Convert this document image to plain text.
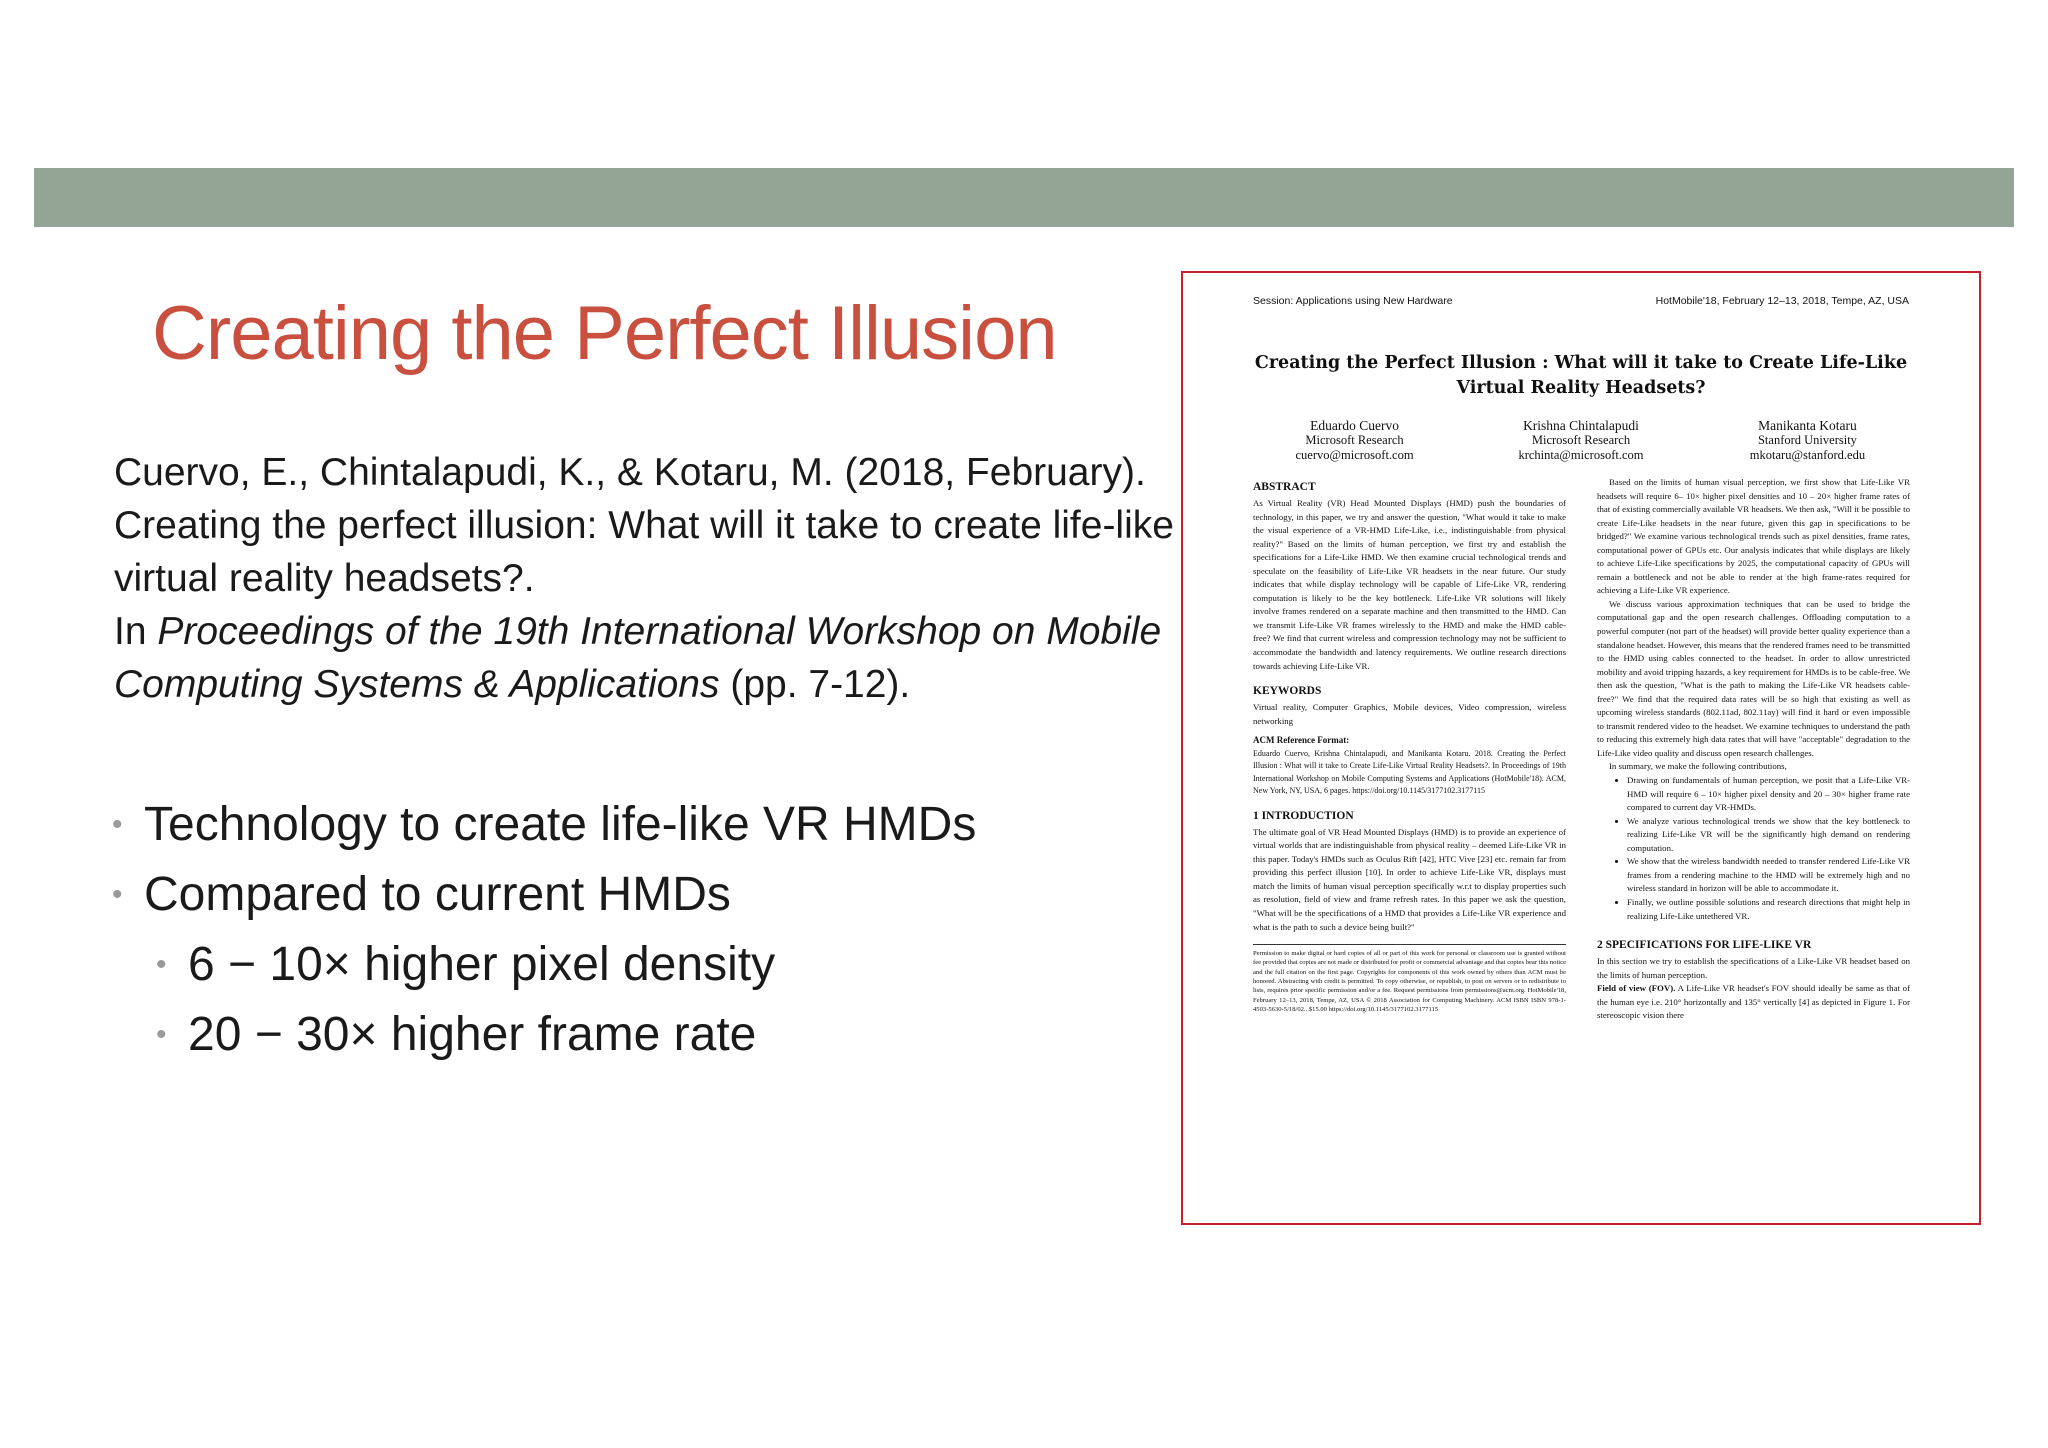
Creating the Perfect Illusion

Cuervo, E., Chintalapudi, K., & Kotaru, M. (2018, February). Creating the perfect illusion: What will it take to create life-like virtual reality headsets?.
In Proceedings of the 19th International Workshop on Mobile Computing Systems & Applications (pp. 7-12).

• Technology to create life-like VR HMDs
• Compared to current HMDs
• 6 − 10× higher pixel density
• 20 − 30× higher frame rate
Session: Applications using New Hardware	HotMobile'18, February 12–13, 2018, Tempe, AZ, USA
Creating the Perfect Illusion : What will it take to Create Life-Like Virtual Reality Headsets?
Eduardo Cuervo
Microsoft Research
cuervo@microsoft.com
Krishna Chintalapudi
Microsoft Research
krchinta@microsoft.com
Manikanta Kotaru
Stanford University
mkotaru@stanford.edu

ABSTRACT

As Virtual Reality (VR) Head Mounted Displays (HMD) push the boundaries of technology, in this paper, we try and answer the question, "What would it take to make the visual experience of a VR-HMD Life-Like, i.e., indistinguishable from physical reality?" Based on the limits of human perception, we first try and establish the specifications for a Life-Like HMD. We then examine crucial technological trends and speculate on the feasibility of Life-Like VR headsets in the near future. Our study indicates that while display technology will be capable of Life-Like VR, rendering computation is likely to be the key bottleneck. Life-Like VR solutions will likely involve frames rendered on a separate machine and then transmitted to the HMD. Can we transmit Life-Like VR frames wirelessly to the HMD and make the HMD cable-free? We find that current wireless and compression technology may not be sufficient to accommodate the bandwidth and latency requirements. We outline research directions towards achieving Life-Like VR.

KEYWORDS

Virtual reality, Computer Graphics, Mobile devices, Video compression, wireless networking

ACM Reference Format:

Eduardo Cuervo, Krishna Chintalapudi, and Manikanta Kotaru. 2018. Creating the Perfect Illusion : What will it take to Create Life-Like Virtual Reality Headsets?. In Proceedings of 19th International Workshop on Mobile Computing Systems and Applications (HotMobile'18). ACM, New York, NY, USA, 6 pages. https://doi.org/10.1145/3177102.3177115

1 INTRODUCTION

The ultimate goal of VR Head Mounted Displays (HMD) is to provide an experience of virtual worlds that are indistinguishable from physical reality – deemed Life-Like VR in this paper. Today's HMDs such as Oculus Rift [42], HTC Vive [23] etc. remain far from providing this perfect illusion [10]. In order to achieve Life-Like VR, displays must match the limits of human visual perception specifically w.r.t to display properties such as resolution, field of view and frame refresh rates. In this paper we ask the question, "What will be the specifications of a HMD that provides a Life-Like VR experience and what is the path to such a device being built?"

Permission to make digital or hard copies of all or part of this work for personal or classroom use is granted without fee provided that copies are not made or distributed for profit or commercial advantage and that copies bear this notice and the full citation on the first page. Copyrights for components of this work owned by others than ACM must be honored. Abstracting with credit is permitted. To copy otherwise, or republish, to post on servers or to redistribute to lists, requires prior specific permission and/or a fee. Request permissions from permissions@acm.org. HotMobile'18, February 12–13, 2018, Tempe, AZ, USA © 2018 Association for Computing Machinery. ACM ISBN ISBN 978-1-4503-5630-5/18/02...$15.00 https://doi.org/10.1145/3177102.3177115

Based on the limits of human visual perception, we first show that Life-Like VR headsets will require 6– 10× higher pixel densities and 10 – 20× higher frame rates of that of existing commercially available VR headsets. We then ask, "Will it be possible to create Life-Like headsets in the near future, given this gap in specifications to be bridged?" We examine various technological trends such as pixel densities, frame rates, computational power of GPUs etc. Our analysis indicates that while displays are likely to achieve Life-Like specifications by 2025, the computational capacity of GPUs will remain a bottleneck and not be able to render at the high frame-rates required for achieving a Life-Like VR experience.

We discuss various approximation techniques that can be used to bridge the computational gap and the open research challenges. Offloading computation to a powerful computer (not part of the headset) will provide better quality experience than a standalone headset. However, this means that the rendered frames need to be transmitted to the HMD using cables connected to the headset. In order to allow unrestricted mobility and avoid tripping hazards, a key requirement for HMDs is to be cable-free. We then ask the question, "What is the path to making the Life-Like VR headsets cable-free?" We find that the required data rates will be so high that existing as well as upcoming wireless standards (802.11ad, 802.11ay) will find it hard or even impossible to transmit rendered video to the headset. We examine techniques to understand the path to reducing this extremely high data rates that will have "acceptable" degradation to the Life-Like video quality and discuss open research challenges.

In summary, we make the following contributions,

• Drawing on fundamentals of human perception, we posit that a Life-Like VR-HMD will require 6 – 10× higher pixel density and 20 – 30× higher frame rate compared to current day VR-HMDs.
• We analyze various technological trends we show that the key bottleneck to realizing Life-Like VR will be the significantly high demand on rendering computation.
• We show that the wireless bandwidth needed to transfer rendered Life-Like VR frames from a rendering machine to the HMD will be extremely high and no wireless standard in horizon will be able to accommodate it.
• Finally, we outline possible solutions and research directions that might help in realizing Life-Like untethered VR.

2 SPECIFICATIONS FOR LIFE-LIKE VR

In this section we try to establish the specifications of a Like-Like VR headset based on the limits of human perception.

Field of view (FOV). A Life-Like VR headset's FOV should ideally be same as that of the human eye i.e. 210° horizontally and 135° vertically [4] as depicted in Figure 1. For stereoscopic vision there
